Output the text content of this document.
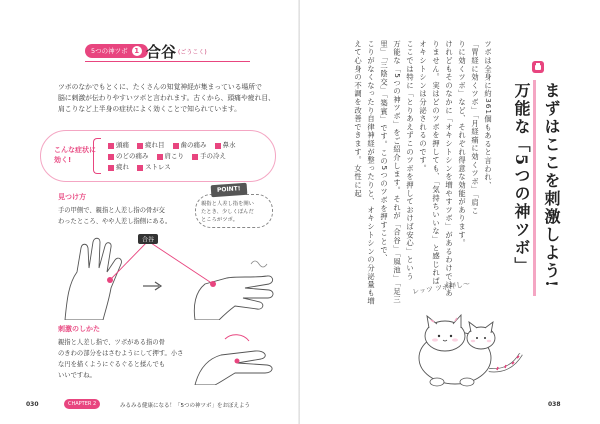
5つの神ツボ 1 合谷 (ごうこく)

ツボのなかでもとくに、たくさんの知覚神経が集まっている場所で

脳に刺激が伝わりやすいツボと言われます。古くから、頭痛や疲れ目、

肩こりなど上半身の症状によく効くことで知られています。

こんな症状に
効く!
頭痛 疲れ目 歯の痛み 鼻水
のどの痛み 肩こり 手の冷え
疲れ ストレス
見つけ方

手の甲側で、親指と人差し指の骨が交

わったところ、やや人差し指側にある。

POINT!

親指と人差し指を開い

たとき、少しくぼんだ

ところがツボ。

合谷
刺激のしかた

親指と人差し指で、ツボがある指の骨

のきわの部分をはさむようにして押す。小さ

な円を描くようにぐるぐると揉んでも

いいですね。

030	CHAPTER 2	みるみる健康になる！「5つの神ツボ」をおぼえよう
まずはここを刺激しよう!
万能な「5つの神ツボ」
ツボは全身に約361個もあると言われ、
「胃経に効くツボ」「月経痛に効くツボ」「肩こ
りに効くツボ」など、それぞれ得意な効能があります。
けれどもそのなかに「オキシトシンを増やすツボ」があるわけではあ
りません。実はどのツボを押しても、「気持ちいいな」と感じれば
オキシトシンは分泌されるのです。
ここでは特に「とりあえずこのツボを押しておけば安心」という
万能な「5つの神ツボ」をご紹介します。それが「合谷」「風池」「足三
里」「三陰交」「築賓」です。この5つのツボを押すことで、
こりがなくなったり自律神経が整ったりと、オキシトシンの分泌量も増
えて心身の不調を改善できます。女性に起
レッツ ツボ押し〜
038
